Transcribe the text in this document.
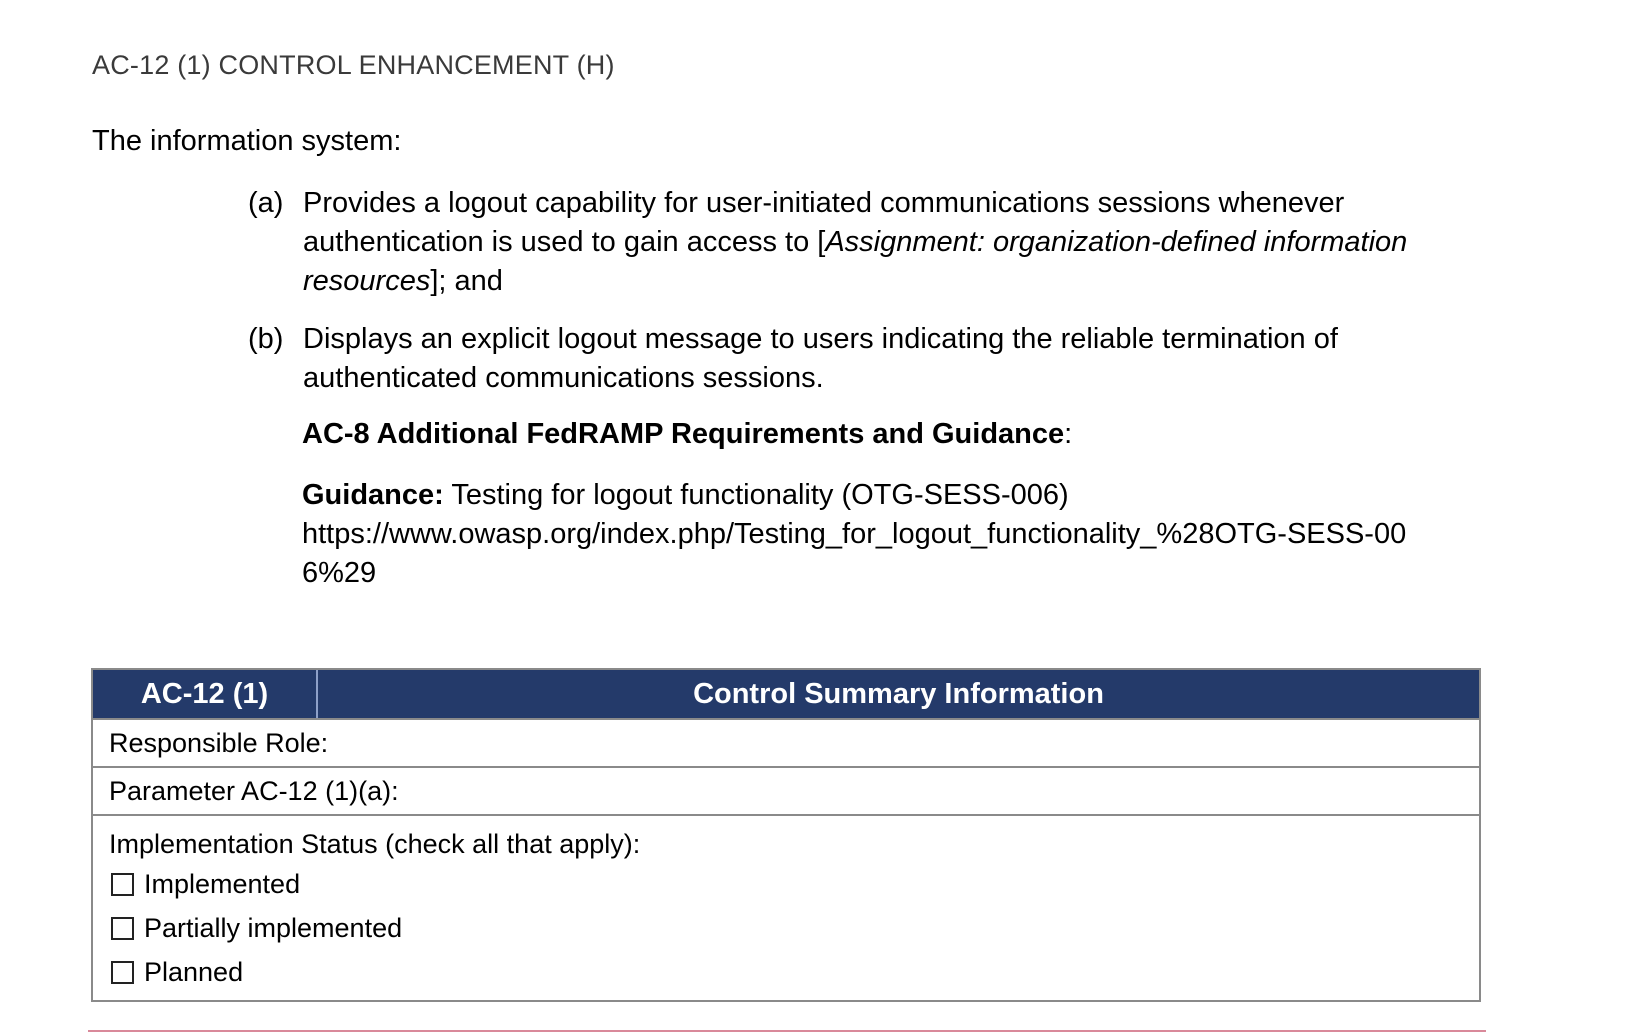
AC-12 (1) CONTROL ENHANCEMENT (H)
The information system:
(a) Provides a logout capability for user-initiated communications sessions whenever authentication is used to gain access to [Assignment: organization-defined information resources]; and
(b) Displays an explicit logout message to users indicating the reliable termination of authenticated communications sessions.
AC-8 Additional FedRAMP Requirements and Guidance:
Guidance: Testing for logout functionality (OTG-SESS-006)
https://www.owasp.org/index.php/Testing_for_logout_functionality_%28OTG-SESS-006%29
AC-12 (1)	Control Summary Information
Responsible Role:
Parameter AC-12 (1)(a):
Implementation Status (check all that apply):
Implemented
Partially implemented
Planned
